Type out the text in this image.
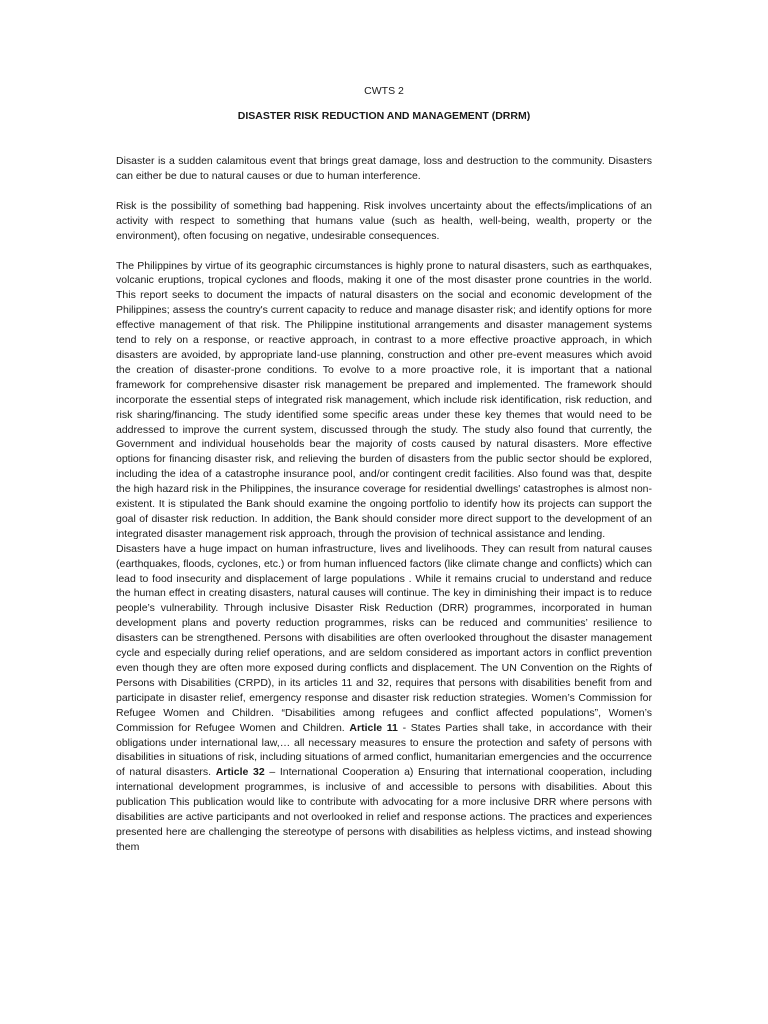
CWTS 2
DISASTER RISK REDUCTION AND MANAGEMENT (DRRM)

Disaster is a sudden calamitous event that brings great damage, loss and destruction to the community. Disasters can either be due to natural causes or due to human interference.

Risk is the possibility of something bad happening. Risk involves uncertainty about the effects/implications of an activity with respect to something that humans value (such as health, well-being, wealth, property or the environment), often focusing on negative, undesirable consequences.

The Philippines by virtue of its geographic circumstances is highly prone to natural disasters, such as earthquakes, volcanic eruptions, tropical cyclones and floods, making it one of the most disaster prone countries in the world. This report seeks to document the impacts of natural disasters on the social and economic development of the Philippines; assess the country's current capacity to reduce and manage disaster risk; and identify options for more effective management of that risk. The Philippine institutional arrangements and disaster management systems tend to rely on a response, or reactive approach, in contrast to a more effective proactive approach, in which disasters are avoided, by appropriate land-use planning, construction and other pre-event measures which avoid the creation of disaster-prone conditions. To evolve to a more proactive role, it is important that a national framework for comprehensive disaster risk management be prepared and implemented. The framework should incorporate the essential steps of integrated risk management, which include risk identification, risk reduction, and risk sharing/financing. The study identified some specific areas under these key themes that would need to be addressed to improve the current system, discussed through the study. The study also found that currently, the Government and individual households bear the majority of costs caused by natural disasters. More effective options for financing disaster risk, and relieving the burden of disasters from the public sector should be explored, including the idea of a catastrophe insurance pool, and/or contingent credit facilities. Also found was that, despite the high hazard risk in the Philippines, the insurance coverage for residential dwellings' catastrophes is almost non-existent. It is stipulated the Bank should examine the ongoing portfolio to identify how its projects can support the goal of disaster risk reduction. In addition, the Bank should consider more direct support to the development of an integrated disaster management risk approach, through the provision of technical assistance and lending.

Disasters have a huge impact on human infrastructure, lives and livelihoods. They can result from natural causes (earthquakes, floods, cyclones, etc.) or from human influenced factors (like climate change and conflicts) which can lead to food insecurity and displacement of large populations . While it remains crucial to understand and reduce the human effect in creating disasters, natural causes will continue. The key in diminishing their impact is to reduce people’s vulnerability. Through inclusive Disaster Risk Reduction (DRR) programmes, incorporated in human development plans and poverty reduction programmes, risks can be reduced and communities’ resilience to disasters can be strengthened. Persons with disabilities are often overlooked throughout the disaster management cycle and especially during relief operations, and are seldom considered as important actors in conflict prevention even though they are often more exposed during conflicts and displacement. The UN Convention on the Rights of Persons with Disabilities (CRPD), in its articles 11 and 32, requires that persons with disabilities benefit from and participate in disaster relief, emergency response and disaster risk reduction strategies. Women’s Commission for Refugee Women and Children. “Disabilities among refugees and conflict affected populations”, Women’s Commission for Refugee Women and Children. Article 11 - States Parties shall take, in accordance with their obligations under international law,… all necessary measures to ensure the protection and safety of persons with disabilities in situations of risk, including situations of armed conflict, humanitarian emergencies and the occurrence of natural disasters. Article 32 – International Cooperation a) Ensuring that international cooperation, including international development programmes, is inclusive of and accessible to persons with disabilities. About this publication This publication would like to contribute with advocating for a more inclusive DRR where persons with disabilities are active participants and not overlooked in relief and response actions. The practices and experiences presented here are challenging the stereotype of persons with disabilities as helpless victims, and instead showing them
